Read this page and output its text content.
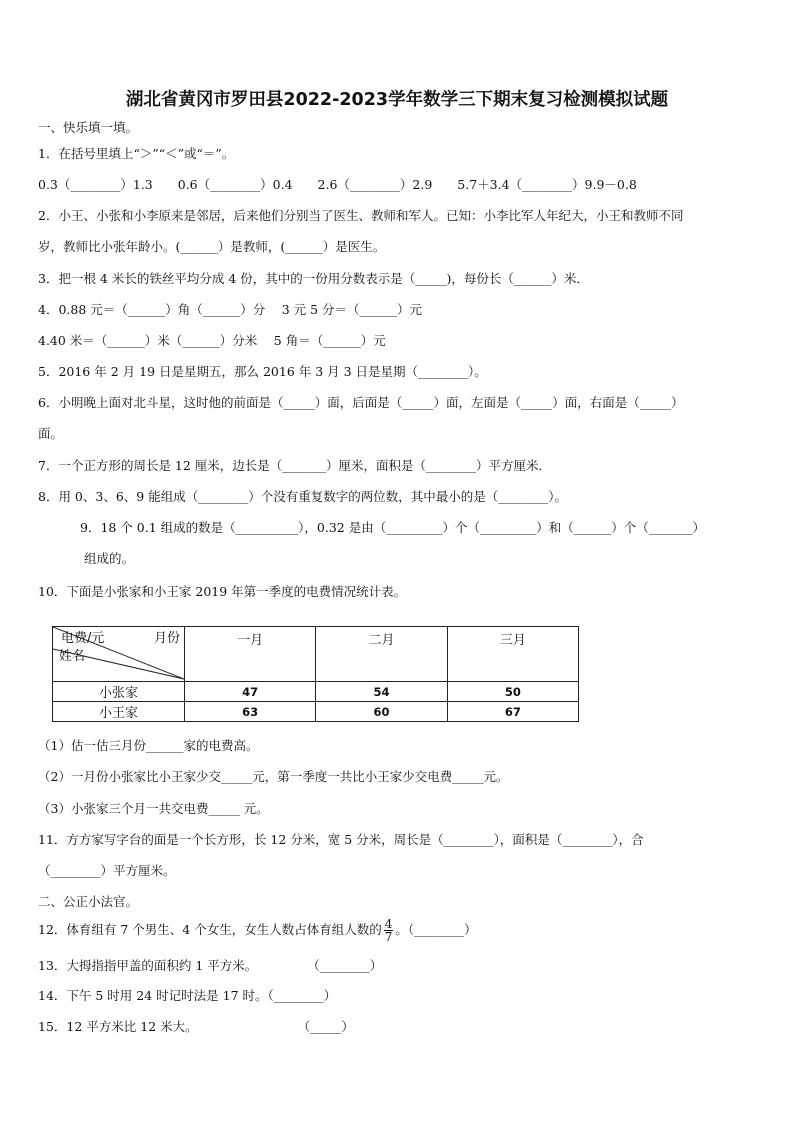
湖北省黄冈市罗田县2022-2023学年数学三下期末复习检测模拟试题
一、快乐填一填。
1．在括号里填上“＞”“＜”或“＝”。
0.3（________）1.3　　0.6（________）0.4　　2.6（________）2.9　　5.7＋3.4（________）9.9－0.8
2．小王、小张和小李原来是邻居，后来他们分别当了医生、教师和军人。已知：小李比军人年纪大，小王和教师不同
岁，教师比小张年龄小。(______）是教师，(______）是医生。
3．把一根 4 米长的铁丝平均分成 4 份，其中的一份用分数表示是（_____)，每份长（______）米．
4．0.88 元＝（______）角（______）分　 3 元 5 分＝（______）元
4.40 米＝（______）米（______）分米　 5 角＝（______）元
5．2016 年 2 月 19 日是星期五，那么 2016 年 3 月 3 日是星期（________）。
6．小明晚上面对北斗星，这时他的前面是（_____）面，后面是（_____）面，左面是（_____）面，右面是（_____）
面。
7．一个正方形的周长是 12 厘米，边长是（_______）厘米，面积是（________）平方厘米．
8．用 0、3、6、9 能组成（________）个没有重复数字的两位数，其中最小的是（________）。
9．18 个 0.1 组成的数是（__________），0.32 是由（_________）个（_________）和（______）个（_______）
组成的。
10．下面是小张家和小王家 2019 年第一季度的电费情况统计表。
电费/元 月份
姓名	一月	二月	三月
小张家	47	54	50
小王家	63	60	67
（1）估一估三月份______家的电费高。
（2）一月份小张家比小王家少交_____元，第一季度一共比小王家少交电费_____元。
（3）小张家三个月一共交电费_____ 元。
11．方方家写字台的面是一个长方形，长 12 分米，宽 5 分米，周长是（________），面积是（________），合
（________）平方厘米。
二、公正小法官。
12．体育组有 7 个男生、4 个女生，女生人数占体育组人数的 $\frac{4}{7}$ 。（________）
13．大拇指指甲盖的面积约 1 平方米。　　　　　（________）
14．下午 5 时用 24 时记时法是 17 时。（________）
15．12 平方米比 12 米大。　　　　　　　　　（_____）
